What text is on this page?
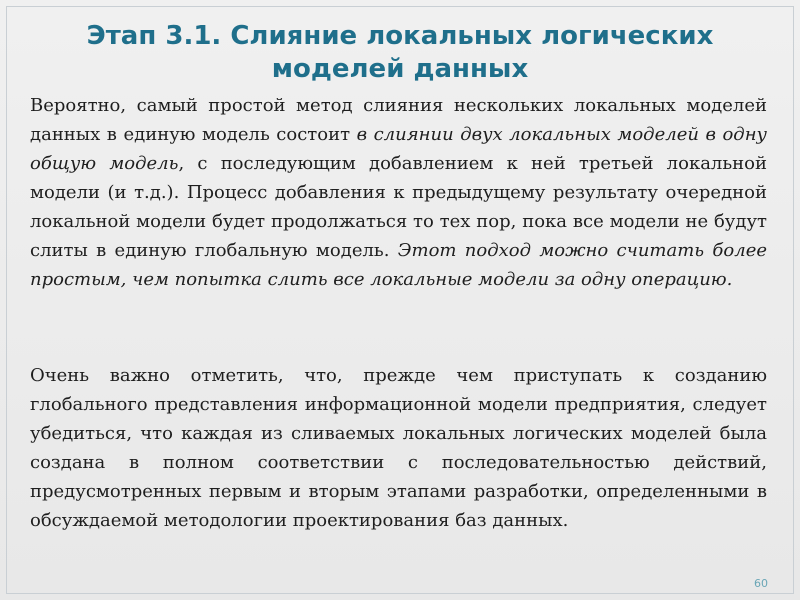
Этап 3.1. Слияние локальных логических моделей данных
Вероятно, самый простой метод слияния нескольких локальных моделей данных в единую модель состоит в слиянии двух локальных моделей в одну общую модель, с последующим добавлением к ней третьей локальной модели (и т.д.). Процесс добавления к предыдущему результату очередной локальной модели будет продолжаться то тех пор, пока все модели не будут слиты в единую глобальную модель. Этот подход можно считать более простым, чем попытка слить все локальные модели за одну операцию.
Очень важно отметить, что, прежде чем приступать к созданию глобального представления информационной модели предприятия, следует убедиться, что каждая из сливаемых локальных логических моделей была создана в полном соответствии с последовательностью действий, предусмотренных первым и вторым этапами разработки, определенными в обсуждаемой методологии проектирования баз данных.
60
